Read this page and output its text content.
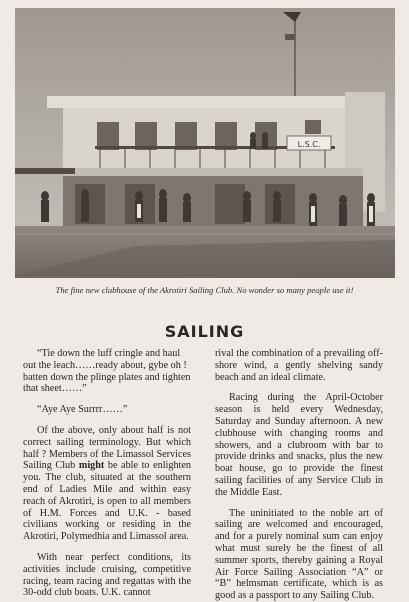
L.S.C.
The fine new clubhouse of the Akrotiri Sailing Club. No wonder so many people use it!
SAILING

“Tie down the luff cringle and haul out the leach……ready about, gybe oh ! batten down the plinge plates and tighten that sheet……”

“Aye Aye Surrrr……”

Of the above, only about half is not correct sailing terminology. But which half ? Members of the Limassol Services Sailing Club might be able to enlighten you. The club, situated at the southern end of Ladies Mile and within easy reach of Akrotiri, is open to all members of H.M. Forces and U.K. - based civilians working or residing in the Akrotiri, Polymedhia and Limassol area.

With near perfect conditions, its activities include cruising, competitive racing, team racing and regattas with the 30-odd club boats. U.K. cannot

rival the combination of a prevailing off-shore wind, a gently shelving sandy beach and an ideal climate.

Racing during the April-October season is held every Wednesday, Saturday and Sunday afternoon. A new clubhouse with changing rooms and showers, and a clubroom with bar to provide drinks and snacks, plus the new boat house, go to provide the finest sailing facilities of any Service Club in the Middle East.

The uninitiated to the noble art of sailing are welcomed and encouraged, and for a purely nominal sum can enjoy what must surely be the finest of all summer sports, thereby gaining a Royal Air Force Sailing Association “A” or “B” helmsman certificate, which is as good as a passport to any Sailing Club.
